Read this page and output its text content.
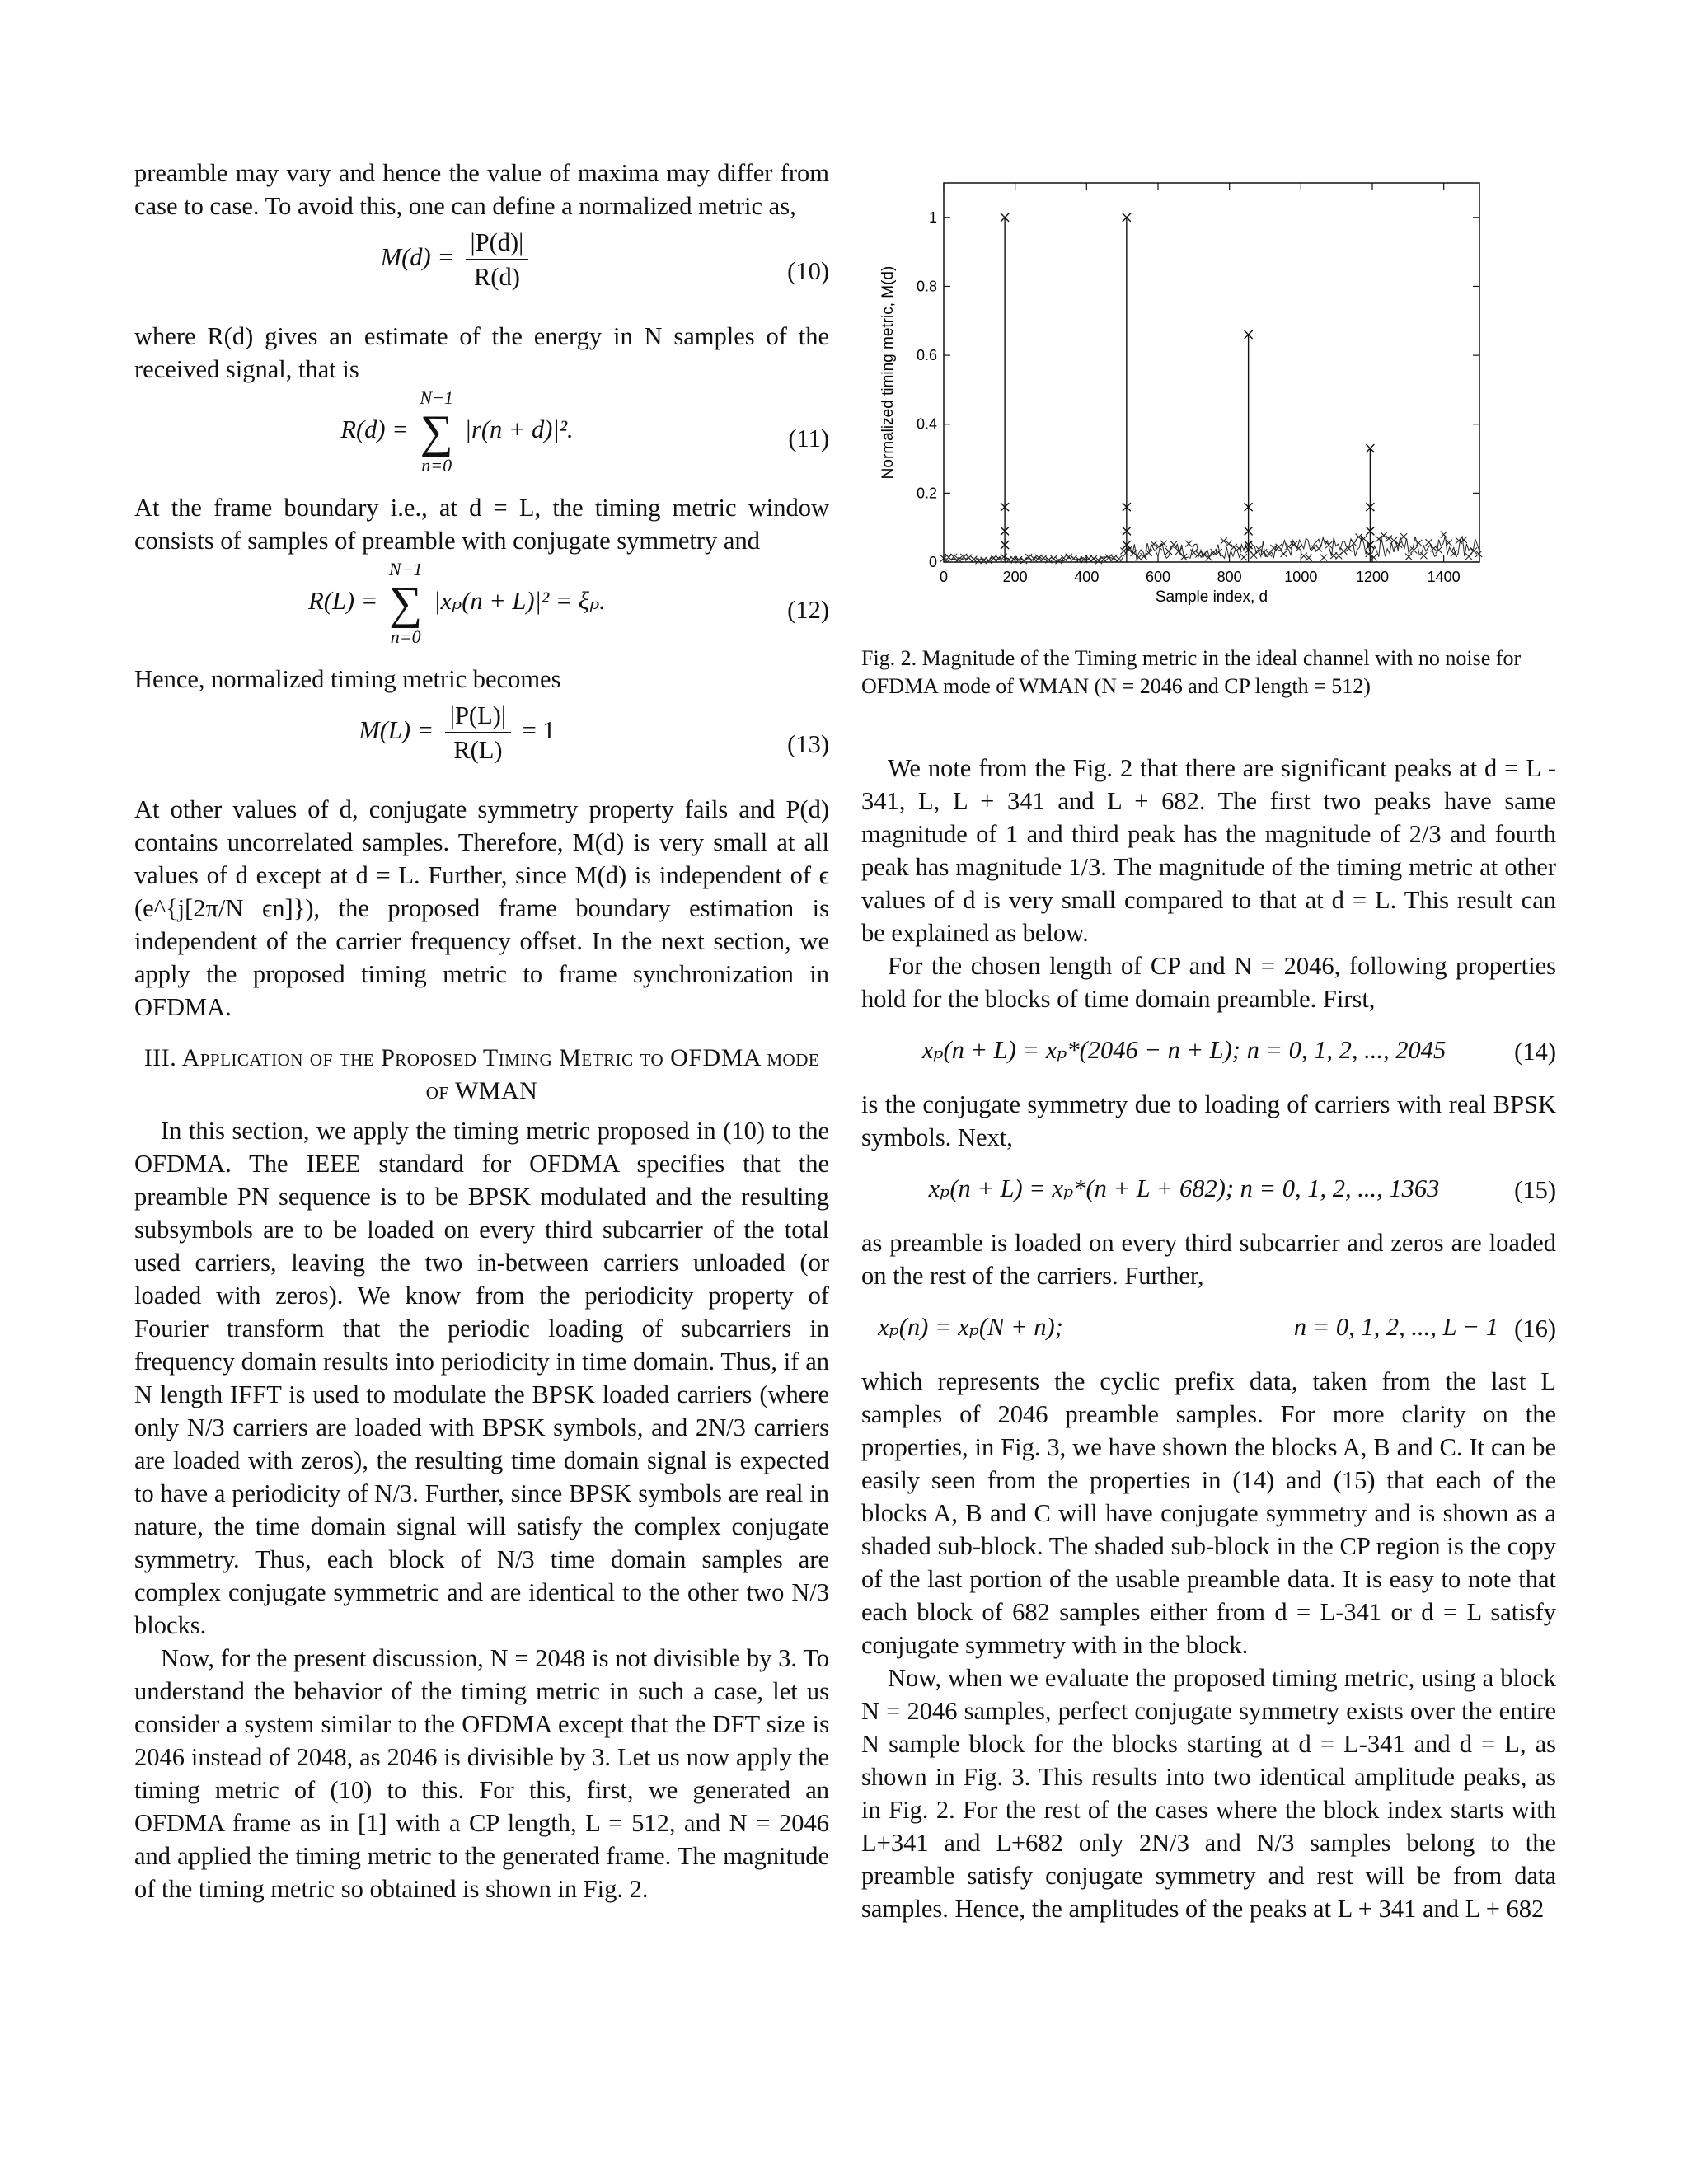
preamble may vary and hence the value of maxima may differ from case to case. To avoid this, one can define a normalized metric as,

$M(d) = \frac{|P(d)|}{R(d)}$	(10)

where R(d) gives an estimate of the energy in N samples of the received signal, that is

R(d) =
N−1
∑
n=0
|r(n + d)|².	(11)

At the frame boundary i.e., at d = L, the timing metric window consists of samples of preamble with conjugate symmetry and

R(L) =
N−1
∑
n=0
|xₚ(n + L)|² = ξₚ.	(12)

Hence, normalized timing metric becomes

$M(L) = \frac{|P(L)|}{R(L)} = 1$	(13)

At other values of d, conjugate symmetry property fails and P(d) contains uncorrelated samples. Therefore, M(d) is very small at all values of d except at d = L. Further, since M(d) is independent of ϵ (e^{j[2π/N ϵn]}), the proposed frame boundary estimation is independent of the carrier frequency offset. In the next section, we apply the proposed timing metric to frame synchronization in OFDMA.

III. Application of the Proposed Timing Metric to OFDMA mode of WMAN

In this section, we apply the timing metric proposed in (10) to the OFDMA. The IEEE standard for OFDMA specifies that the preamble PN sequence is to be BPSK modulated and the resulting subsymbols are to be loaded on every third subcarrier of the total used carriers, leaving the two in-between carriers unloaded (or loaded with zeros). We know from the periodicity property of Fourier transform that the periodic loading of subcarriers in frequency domain results into periodicity in time domain. Thus, if an N length IFFT is used to modulate the BPSK loaded carriers (where only N/3 carriers are loaded with BPSK symbols, and 2N/3 carriers are loaded with zeros), the resulting time domain signal is expected to have a periodicity of N/3. Further, since BPSK symbols are real in nature, the time domain signal will satisfy the complex conjugate symmetry. Thus, each block of N/3 time domain samples are complex conjugate symmetric and are identical to the other two N/3 blocks.

Now, for the present discussion, N = 2048 is not divisible by 3. To understand the behavior of the timing metric in such a case, let us consider a system similar to the OFDMA except that the DFT size is 2046 instead of 2048, as 2046 is divisible by 3. Let us now apply the timing metric of (10) to this. For this, first, we generated an OFDMA frame as in [1] with a CP length, L = 512, and N = 2046 and applied the timing metric to the generated frame. The magnitude of the timing metric so obtained is shown in Fig. 2.

0	200	400	600	800	1000	1200	1400
0
0.2
0.4
0.6
0.8
1
Sample index, d
Normalized timing metric, M(d)
Fig. 2. Magnitude of the Timing metric in the ideal channel with no noise for OFDMA mode of WMAN (N = 2046 and CP length = 512)

We note from the Fig. 2 that there are significant peaks at d = L - 341, L, L + 341 and L + 682. The first two peaks have same magnitude of 1 and third peak has the magnitude of 2/3 and fourth peak has magnitude 1/3. The magnitude of the timing metric at other values of d is very small compared to that at d = L. This result can be explained as below.

For the chosen length of CP and N = 2046, following properties hold for the blocks of time domain preamble. First,

xₚ(n + L) = xₚ*(2046 − n + L); n = 0, 1, 2, ..., 2045	(14)

is the conjugate symmetry due to loading of carriers with real BPSK symbols. Next,

xₚ(n + L) = xₚ*(n + L + 682); n = 0, 1, 2, ..., 1363	(15)

as preamble is loaded on every third subcarrier and zeros are loaded on the rest of the carriers. Further,

xₚ(n) = xₚ(N + n);	n = 0, 1, 2, ..., L − 1 (16)

which represents the cyclic prefix data, taken from the last L samples of 2046 preamble samples. For more clarity on the properties, in Fig. 3, we have shown the blocks A, B and C. It can be easily seen from the properties in (14) and (15) that each of the blocks A, B and C will have conjugate symmetry and is shown as a shaded sub-block. The shaded sub-block in the CP region is the copy of the last portion of the usable preamble data. It is easy to note that each block of 682 samples either from d = L-341 or d = L satisfy conjugate symmetry with in the block.

Now, when we evaluate the proposed timing metric, using a block N = 2046 samples, perfect conjugate symmetry exists over the entire N sample block for the blocks starting at d = L-341 and d = L, as shown in Fig. 3. This results into two identical amplitude peaks, as in Fig. 2. For the rest of the cases where the block index starts with L+341 and L+682 only 2N/3 and N/3 samples belong to the preamble satisfy conjugate symmetry and rest will be from data samples. Hence, the amplitudes of the peaks at L + 341 and L + 682
